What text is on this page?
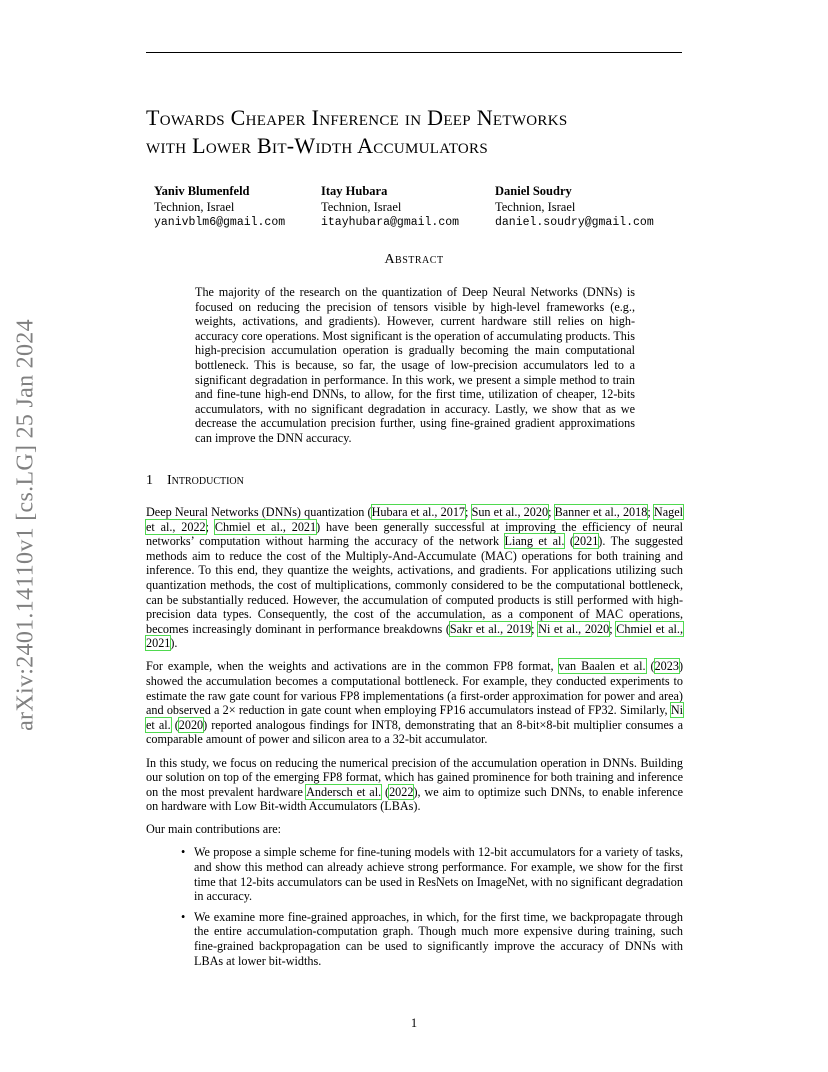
Towards Cheaper Inference in Deep Networks
with Lower Bit-Width Accumulators
Yaniv Blumenfeld
Technion, Israel
yanivblm6@gmail.com
Itay Hubara
Technion, Israel
itayhubara@gmail.com
Daniel Soudry
Technion, Israel
daniel.soudry@gmail.com
Abstract

The majority of the research on the quantization of Deep Neural Networks (DNNs) is focused on reducing the precision of tensors visible by high-level frameworks (e.g., weights, activations, and gradients). However, current hardware still relies on high-accuracy core operations. Most significant is the operation of accumulating products. This high-precision accumulation operation is gradually becoming the main computational bottleneck. This is because, so far, the usage of low-precision accumulators led to a significant degradation in performance. In this work, we present a simple method to train and fine-tune high-end DNNs, to allow, for the first time, utilization of cheaper, 12-bits accumulators, with no significant degradation in accuracy. Lastly, we show that as we decrease the accumulation precision further, using fine-grained gradient approximations can improve the DNN accuracy.

arXiv:2401.14110v1 [cs.LG] 25 Jan 2024	1 Introduction

Deep Neural Networks (DNNs) quantization (Hubara et al., 2017; Sun et al., 2020; Banner et al., 2018; Nagel et al., 2022; Chmiel et al., 2021) have been generally successful at improving the efficiency of neural networks’ computation without harming the accuracy of the network Liang et al. (2021). The suggested methods aim to reduce the cost of the Multiply-And-Accumulate (MAC) operations for both training and inference. To this end, they quantize the weights, activations, and gradients. For applications utilizing such quantization methods, the cost of multiplications, commonly considered to be the computational bottleneck, can be substantially reduced. However, the accumulation of computed products is still performed with high-precision data types. Consequently, the cost of the accumulation, as a component of MAC operations, becomes increasingly dominant in performance breakdowns (Sakr et al., 2019; Ni et al., 2020; Chmiel et al., 2021).

For example, when the weights and activations are in the common FP8 format, van Baalen et al. (2023) showed the accumulation becomes a computational bottleneck. For example, they conducted experiments to estimate the raw gate count for various FP8 implementations (a first-order approximation for power and area) and observed a 2× reduction in gate count when employing FP16 accumulators instead of FP32. Similarly, Ni et al. (2020) reported analogous findings for INT8, demonstrating that an 8-bit×8-bit multiplier consumes a comparable amount of power and silicon area to a 32-bit accumulator.

In this study, we focus on reducing the numerical precision of the accumulation operation in DNNs. Building our solution on top of the emerging FP8 format, which has gained prominence for both training and inference on the most prevalent hardware Andersch et al. (2022), we aim to optimize such DNNs, to enable inference on hardware with Low Bit-width Accumulators (LBAs).

Our main contributions are:

• We propose a simple scheme for fine-tuning models with 12-bit accumulators for a variety of tasks, and show this method can already achieve strong performance. For example, we show for the first time that 12-bits accumulators can be used in ResNets on ImageNet, with no significant degradation in accuracy.
• We examine more fine-grained approaches, in which, for the first time, we backpropagate through the entire accumulation-computation graph. Though much more expensive during training, such fine-grained backpropagation can be used to significantly improve the accuracy of DNNs with LBAs at lower bit-widths.
1
